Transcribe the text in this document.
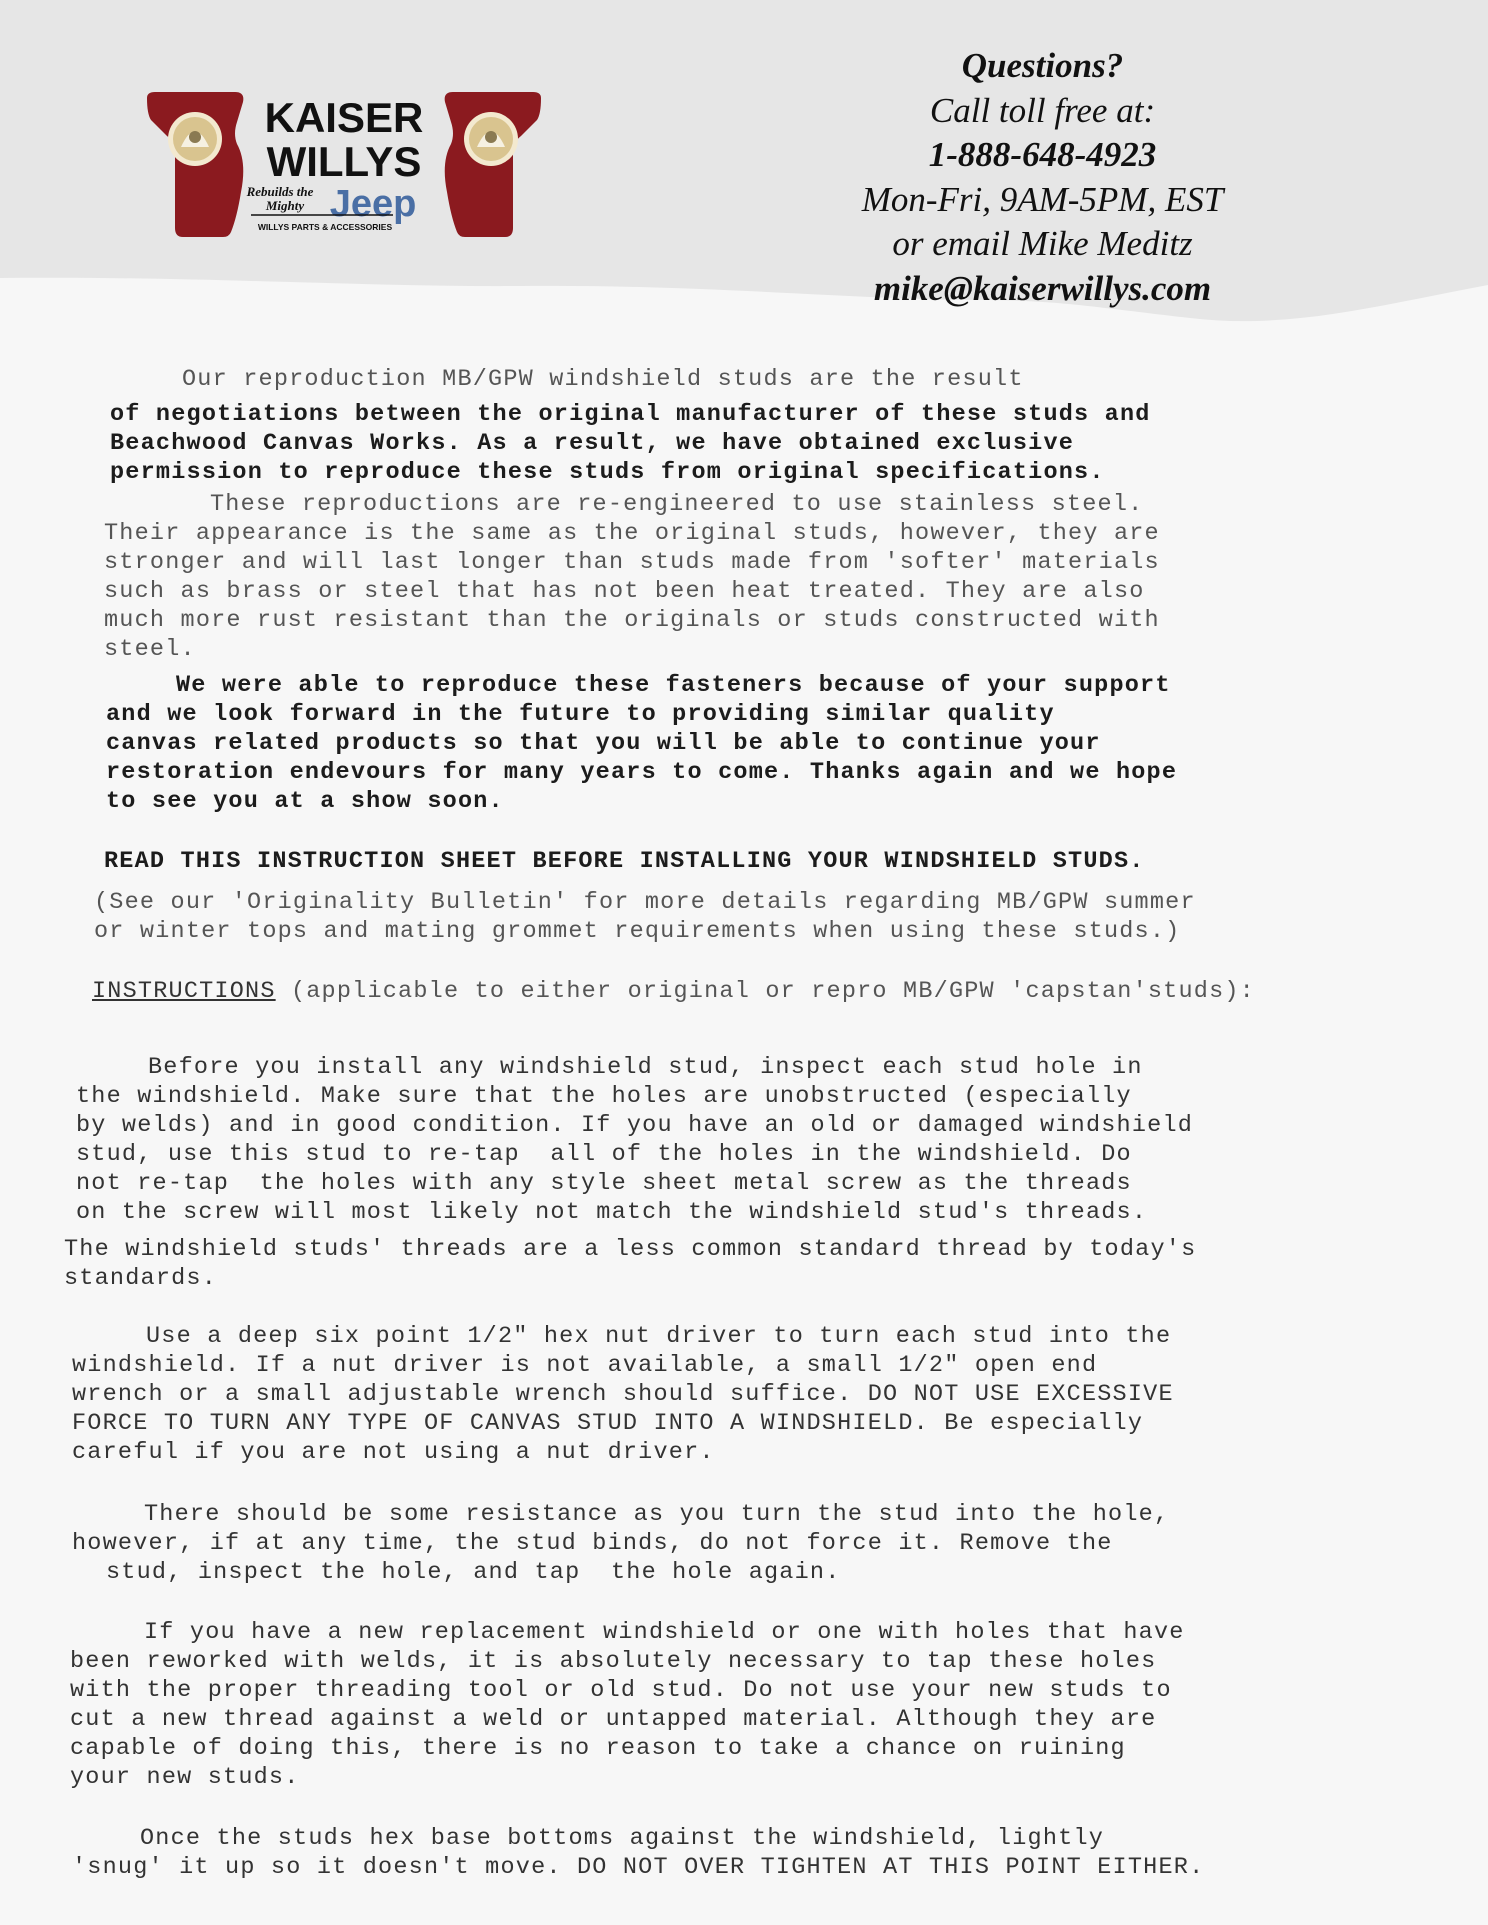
KAISER
WILLYS
Rebuilds the
Mighty Jeep
WILLYS PARTS & ACCESSORIES
Questions?
Call toll free at:
1-888-648-4923
Mon-Fri, 9AM-5PM, EST
or email Mike Meditz
mike@kaiserwillys.com

Our reproduction MB/GPW windshield studs are the result

of negotiations between the original manufacturer of these studs and

Beachwood Canvas Works. As a result, we have obtained exclusive

permission to reproduce these studs from original specifications.

These reproductions are re-engineered to use stainless steel.

Their appearance is the same as the original studs, however, they are

stronger and will last longer than studs made from 'softer' materials

such as brass or steel that has not been heat treated. They are also

much more rust resistant than the originals or studs constructed with

steel.

We were able to reproduce these fasteners because of your support

and we look forward in the future to providing similar quality

canvas related products so that you will be able to continue your

restoration endevours for many years to come. Thanks again and we hope

to see you at a show soon.

READ THIS INSTRUCTION SHEET BEFORE INSTALLING YOUR WINDSHIELD STUDS.

(See our 'Originality Bulletin' for more details regarding MB/GPW summer

or winter tops and mating grommet requirements when using these studs.)

INSTRUCTIONS (applicable to either original or repro MB/GPW 'capstan'studs):

Before you install any windshield stud, inspect each stud hole in

the windshield. Make sure that the holes are unobstructed (especially

by welds) and in good condition. If you have an old or damaged windshield

stud, use this stud to re-tap  all of the holes in the windshield. Do

not re-tap  the holes with any style sheet metal screw as the threads

on the screw will most likely not match the windshield stud's threads.

The windshield studs' threads are a less common standard thread by today's

standards.

Use a deep six point 1/2" hex nut driver to turn each stud into the

windshield. If a nut driver is not available, a small 1/2" open end

wrench or a small adjustable wrench should suffice. DO NOT USE EXCESSIVE

FORCE TO TURN ANY TYPE OF CANVAS STUD INTO A WINDSHIELD. Be especially

careful if you are not using a nut driver.

There should be some resistance as you turn the stud into the hole,

however, if at any time, the stud binds, do not force it. Remove the

stud, inspect the hole, and tap  the hole again.

If you have a new replacement windshield or one with holes that have

been reworked with welds, it is absolutely necessary to tap these holes

with the proper threading tool or old stud. Do not use your new studs to

cut a new thread against a weld or untapped material. Although they are

capable of doing this, there is no reason to take a chance on ruining

your new studs.

Once the studs hex base bottoms against the windshield, lightly

'snug' it up so it doesn't move. DO NOT OVER TIGHTEN AT THIS POINT EITHER.
